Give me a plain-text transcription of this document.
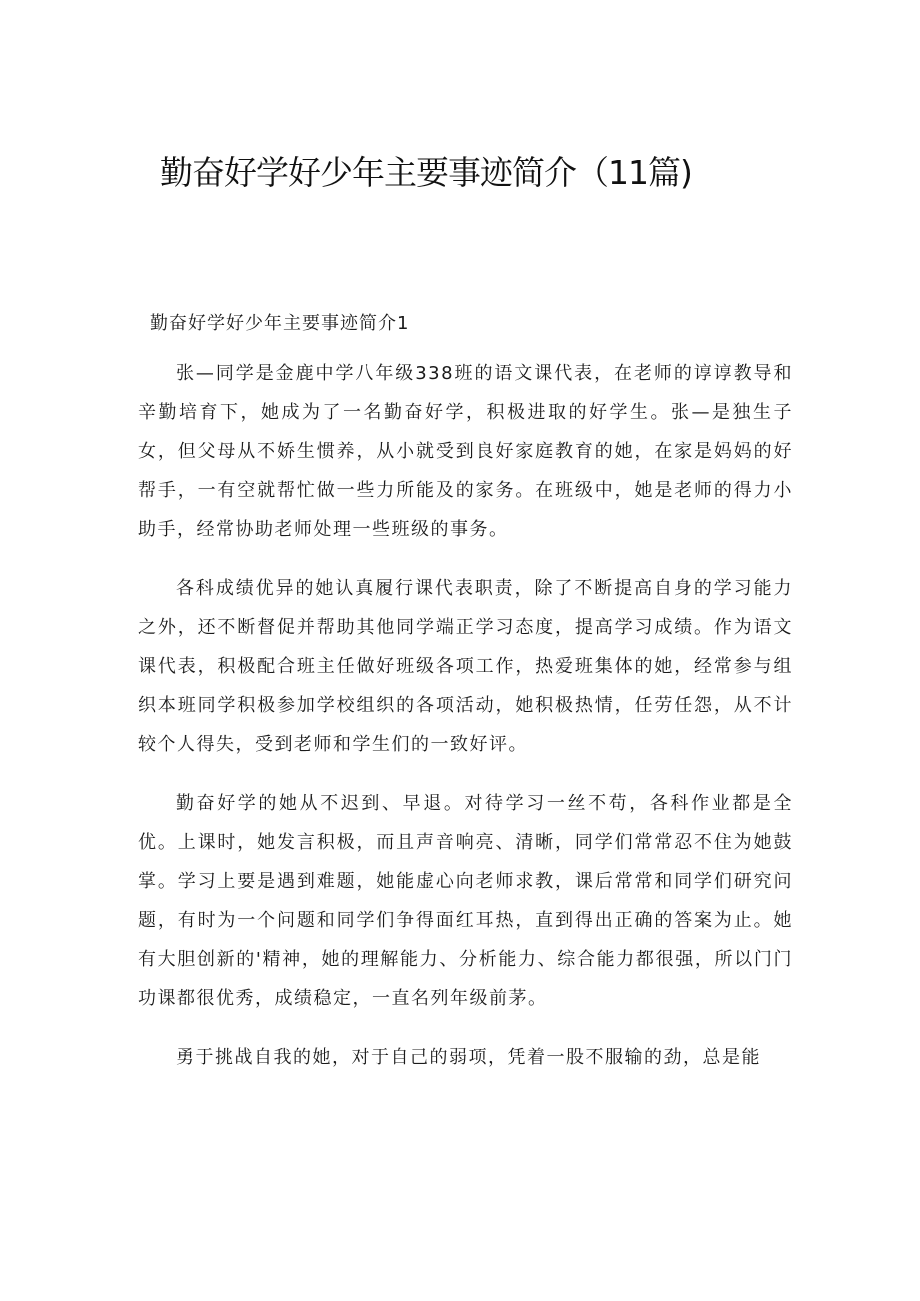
勤奋好学好少年主要事迹简介（11篇)

勤奋好学好少年主要事迹简介1

张—同学是金鹿中学八年级338班的语文课代表，在老师的谆谆教导和辛勤培育下，她成为了一名勤奋好学，积极进取的好学生。张—是独生子女，但父母从不娇生惯养，从小就受到良好家庭教育的她，在家是妈妈的好帮手，一有空就帮忙做一些力所能及的家务。在班级中，她是老师的得力小助手，经常协助老师处理一些班级的事务。

各科成绩优异的她认真履行课代表职责，除了不断提高自身的学习能力之外，还不断督促并帮助其他同学端正学习态度，提高学习成绩。作为语文课代表，积极配合班主任做好班级各项工作，热爱班集体的她，经常参与组织本班同学积极参加学校组织的各项活动，她积极热情，任劳任怨，从不计较个人得失，受到老师和学生们的一致好评。

勤奋好学的她从不迟到、早退。对待学习一丝不苟，各科作业都是全优。上课时，她发言积极，而且声音响亮、清晰，同学们常常忍不住为她鼓掌。学习上要是遇到难题，她能虚心向老师求教，课后常常和同学们研究问题，有时为一个问题和同学们争得面红耳热，直到得出正确的答案为止。她有大胆创新的'精神，她的理解能力、分析能力、综合能力都很强，所以门门功课都很优秀，成绩稳定，一直名列年级前茅。

勇于挑战自我的她，对于自己的弱项，凭着一股不服输的劲，总是能
